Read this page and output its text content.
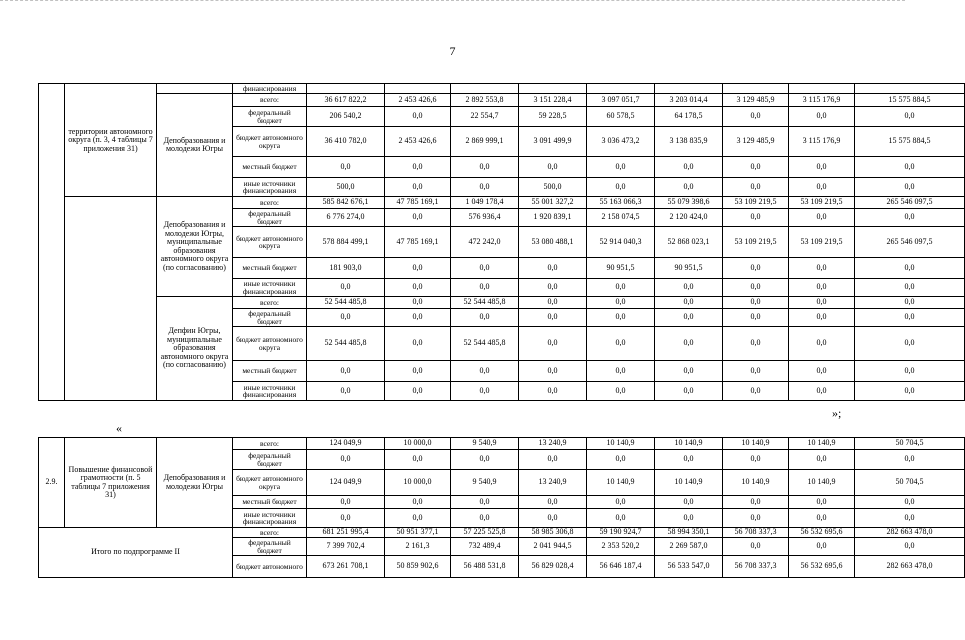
7
	территории автономного округа (п. 3, 4 таблицы 7 приложения 31)		финансирования									
		Депобразования и молодежи Югры	всего:	36 617 822,2	2 453 426,6	2 892 553,8	3 151 228,4	3 097 051,7	3 203 014,4	3 129 485,9	3 115 176,9	15 575 884,5
			федеральный бюджет	206 540,2	0,0	22 554,7	59 228,5	60 578,5	64 178,5	0,0	0,0	0,0
			бюджет автономного округа	36 410 782,0	2 453 426,6	2 869 999,1	3 091 499,9	3 036 473,2	3 138 835,9	3 129 485,9	3 115 176,9	15 575 884,5
			местный бюджет	0,0	0,0	0,0	0,0	0,0	0,0	0,0	0,0	0,0
			иные источники финансирования	500,0	0,0	0,0	500,0	0,0	0,0	0,0	0,0	0,0
		Депобразования и молодежи Югры, муниципальные образования автономного округа (по согласованию)	всего:	585 842 676,1	47 785 169,1	1 049 178,4	55 001 327,2	55 163 066,3	55 079 398,6	53 109 219,5	53 109 219,5	265 546 097,5
			федеральный бюджет	6 776 274,0	0,0	576 936,4	1 920 839,1	2 158 074,5	2 120 424,0	0,0	0,0	0,0
			бюджет автономного округа	578 884 499,1	47 785 169,1	472 242,0	53 080 488,1	52 914 040,3	52 868 023,1	53 109 219,5	53 109 219,5	265 546 097,5
			местный бюджет	181 903,0	0,0	0,0	0,0	90 951,5	90 951,5	0,0	0,0	0,0
			иные источники финансирования	0,0	0,0	0,0	0,0	0,0	0,0	0,0	0,0	0,0
		Депфин Югры, муниципальные образования автономного округа (по согласованию)	всего:	52 544 485,8	0,0	52 544 485,8	0,0	0,0	0,0	0,0	0,0	0,0
			федеральный бюджет	0,0	0,0	0,0	0,0	0,0	0,0	0,0	0,0	0,0
			бюджет автономного округа	52 544 485,8	0,0	52 544 485,8	0,0	0,0	0,0	0,0	0,0	0,0
			местный бюджет	0,0	0,0	0,0	0,0	0,0	0,0	0,0	0,0	0,0
			иные источники финансирования	0,0	0,0	0,0	0,0	0,0	0,0	0,0	0,0	0,0
»;
«
2.9.	Повышение финансовой грамотности (п. 5 таблицы 7 приложения 31)	Депобразования и молодежи Югры	всего:	124 049,9	10 000,0	9 540,9	13 240,9	10 140,9	10 140,9	10 140,9	10 140,9	50 704,5
			федеральный бюджет	0,0	0,0	0,0	0,0	0,0	0,0	0,0	0,0	0,0
			бюджет автономного округа	124 049,9	10 000,0	9 540,9	13 240,9	10 140,9	10 140,9	10 140,9	10 140,9	50 704,5
			местный бюджет	0,0	0,0	0,0	0,0	0,0	0,0	0,0	0,0	0,0
			иные источники финансирования	0,0	0,0	0,0	0,0	0,0	0,0	0,0	0,0	0,0
Итого по подпрограмме II			всего:	681 251 995,4	50 951 377,1	57 225 525,8	58 985 306,8	59 190 924,7	58 994 350,1	56 708 337,3	56 532 695,6	282 663 478,0
			федеральный бюджет	7 399 702,4	2 161,3	732 489,4	2 041 944,5	2 353 520,2	2 269 587,0	0,0	0,0	0,0
			бюджет автономного	673 261 708,1	50 859 902,6	56 488 531,8	56 829 028,4	56 646 187,4	56 533 547,0	56 708 337,3	56 532 695,6	282 663 478,0
